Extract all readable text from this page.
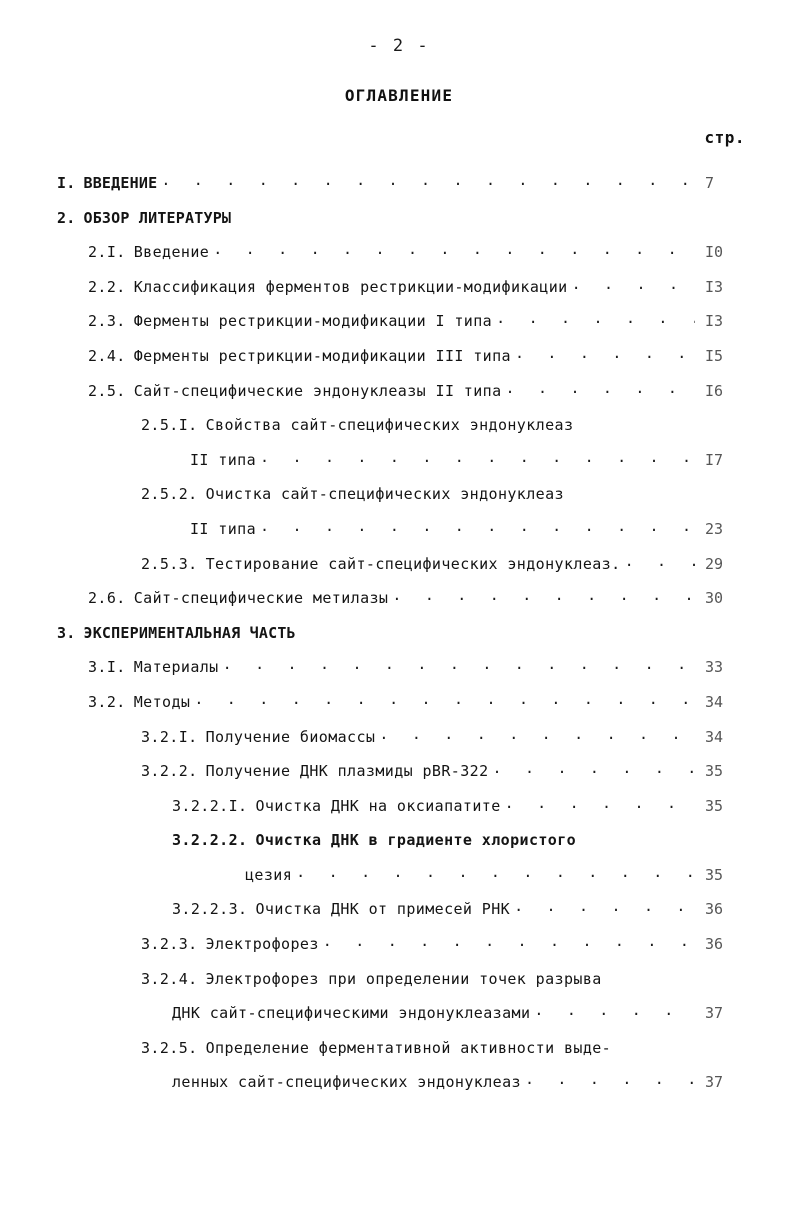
- 2 -
ОГЛАВЛЕНИЕ
стр.
I. ВВЕДЕНИЕ . . .	7
2. ОБЗОР ЛИТЕРАТУРЫ
2.I. Введение . . .	I0
2.2. Классификация ферментов рестрикции-модификации . . .	I3
2.3. Ферменты рестрикции-модификации I типа . . .	I3
2.4. Ферменты рестрикции-модификации III типа . . .	I5
2.5. Сайт-специфические эндонуклеазы II типа . . .	I6
2.5.I. Свойства сайт-специфических эндонуклеаз
II типа . . .	I7
2.5.2. Очистка сайт-специфических эндонуклеаз
II типа . . .	23
2.5.3. Тестирование сайт-специфических эндонуклеаз. . . .	29
2.6. Сайт-специфические метилазы . . .	30
3. ЭКСПЕРИМЕНТАЛЬНАЯ ЧАСТЬ
3.I. Материалы . . .	33
3.2. Методы . . .	34
3.2.I. Получение биомассы . . .	34
3.2.2. Получение ДНК плазмиды pBR-322 . . .	35
3.2.2.I. Очистка ДНК на оксиапатите . . .	35
3.2.2.2. Очистка ДНК в градиенте хлористого
цезия . . .	35
3.2.2.3. Очистка ДНК от примесей РНК . . .	36
3.2.3. Электрофорез . . .	36
3.2.4. Электрофорез при определении точек разрыва
ДНК сайт-специфическими эндонуклеазами . . .	37
3.2.5. Определение ферментативной активности выде-
ленных сайт-специфических эндонуклеаз . . .	37
